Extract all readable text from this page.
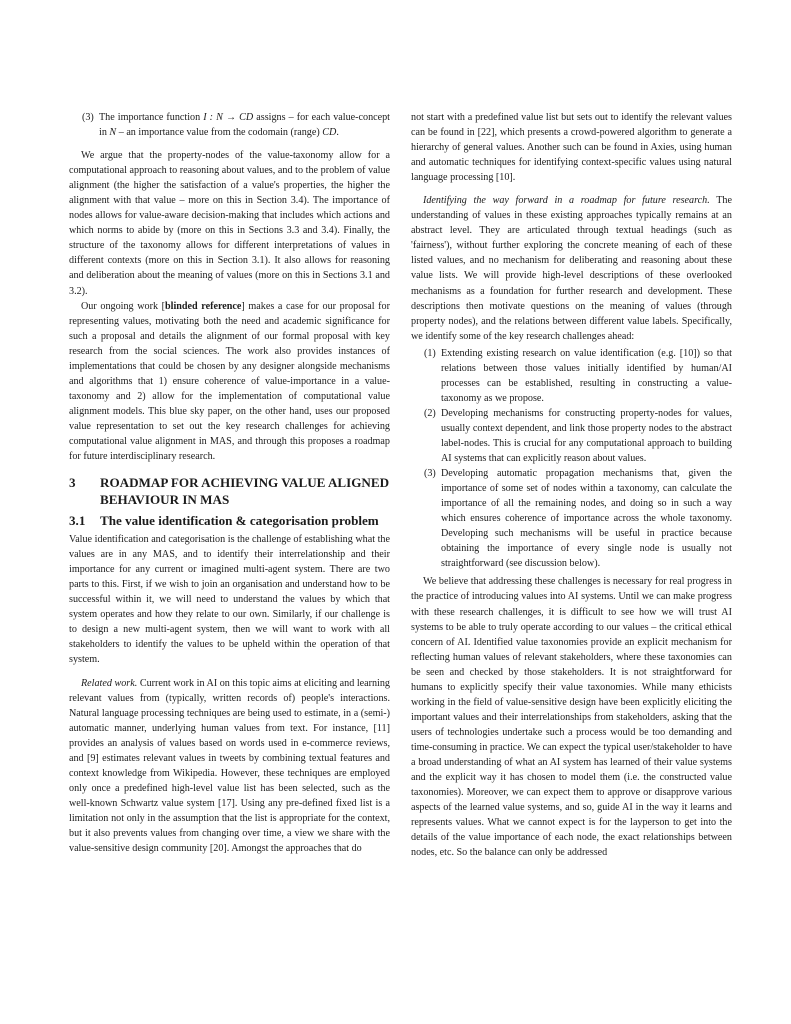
(3) The importance function I : N → CD assigns – for each value-concept in N – an importance value from the codomain (range) CD.

We argue that the property-nodes of the value-taxonomy allow for a computational approach to reasoning about values, and to the problem of value alignment (the higher the satisfaction of a value's properties, the higher the alignment with that value – more on this in Section 3.4). The importance of nodes allows for value-aware decision-making that includes which actions and which norms to abide by (more on this in Sections 3.3 and 3.4). Finally, the structure of the taxonomy allows for different interpretations of values in different contexts (more on this in Section 3.1). It also allows for reasoning and deliberation about the meaning of values (more on this in Sections 3.1 and 3.2).

Our ongoing work [blinded reference] makes a case for our proposal for representing values, motivating both the need and academic significance for such a proposal and details the alignment of our formal proposal with key research from the social sciences. The work also provides instances of implementations that could be chosen by any designer alongside mechanisms and algorithms that 1) ensure coherence of value-importance in a value-taxonomy and 2) allow for the implementation of computational value alignment models. This blue sky paper, on the other hand, uses our proposed value representation to set out the key research challenges for achieving computational value alignment in MAS, and through this proposes a roadmap for future interdisciplinary research.

3	ROADMAP FOR ACHIEVING VALUE ALIGNED BEHAVIOUR IN MAS
3.1	The value identification & categorisation problem

Value identification and categorisation is the challenge of establishing what the values are in any MAS, and to identify their interrelationship and their importance for any current or imagined multi-agent system. There are two parts to this. First, if we wish to join an organisation and understand how to be successful within it, we will need to understand the values by which that system operates and how they relate to our own. Similarly, if our challenge is to design a new multi-agent system, then we will want to work with all stakeholders to identify the values to be upheld within the operation of that system.

Related work. Current work in AI on this topic aims at eliciting and learning relevant values from (typically, written records of) people's interactions. Natural language processing techniques are being used to estimate, in a (semi-) automatic manner, underlying human values from text. For instance, [11] provides an analysis of values based on words used in e-commerce reviews, and [9] estimates relevant values in tweets by combining textual features and context knowledge from Wikipedia. However, these techniques are employed only once a predefined high-level value list has been selected, such as the well-known Schwartz value system [17]. Using any pre-defined fixed list is a limitation not only in the assumption that the list is appropriate for the context, but it also prevents values from changing over time, a view we share with the value-sensitive design community [20]. Amongst the approaches that do

not start with a predefined value list but sets out to identify the relevant values can be found in [22], which presents a crowd-powered algorithm to generate a hierarchy of general values. Another such can be found in Axies, using human and automatic techniques for identifying context-specific values using natural language processing [10].

Identifying the way forward in a roadmap for future research. The understanding of values in these existing approaches typically remains at an abstract level. They are articulated through textual headings (such as 'fairness'), without further exploring the concrete meaning of each of these listed values, and no mechanism for deliberating and reasoning about these value lists. We will provide high-level descriptions of these overlooked mechanisms as a foundation for further research and development. These descriptions then motivate questions on the meaning of values (through property nodes), and the relations between different value labels. Specifically, we identify some of the key research challenges ahead:

(1) Extending existing research on value identification (e.g. [10]) so that relations between those values initially identified by human/AI processes can be established, resulting in constructing a value-taxonomy as we propose.
(2) Developing mechanisms for constructing property-nodes for values, usually context dependent, and link those property nodes to the abstract label-nodes. This is crucial for any computational approach to building AI systems that can explicitly reason about values.
(3) Developing automatic propagation mechanisms that, given the importance of some set of nodes within a taxonomy, can calculate the importance of all the remaining nodes, and doing so in such a way which ensures coherence of importance across the whole taxonomy. Developing such mechanisms will be useful in practice because obtaining the importance of every single node is usually not straightforward (see discussion below).

We believe that addressing these challenges is necessary for real progress in the practice of introducing values into AI systems. Until we can make progress with these research challenges, it is difficult to see how we will trust AI systems to be able to truly operate according to our values – the critical ethical concern of AI. Identified value taxonomies provide an explicit mechanism for reflecting human values of relevant stakeholders, where these taxonomies can be seen and checked by those stakeholders. It is not straightforward for humans to explicitly specify their value taxonomies. While many ethicists working in the field of value-sensitive design have been explicitly eliciting the important values and their interrelationships from stakeholders, asking that the users of technologies undertake such a process would be too demanding and time-consuming in practice. We can expect the typical user/stakeholder to have a broad understanding of what an AI system has learned of their value systems and the explicit way it has chosen to model them (i.e. the constructed value taxonomies). Moreover, we can expect them to approve or disapprove various aspects of the learned value systems, and so, guide AI in the way it learns and represents values. What we cannot expect is for the layperson to get into the details of the value importance of each node, the exact relationships between nodes, etc. So the balance can only be addressed
